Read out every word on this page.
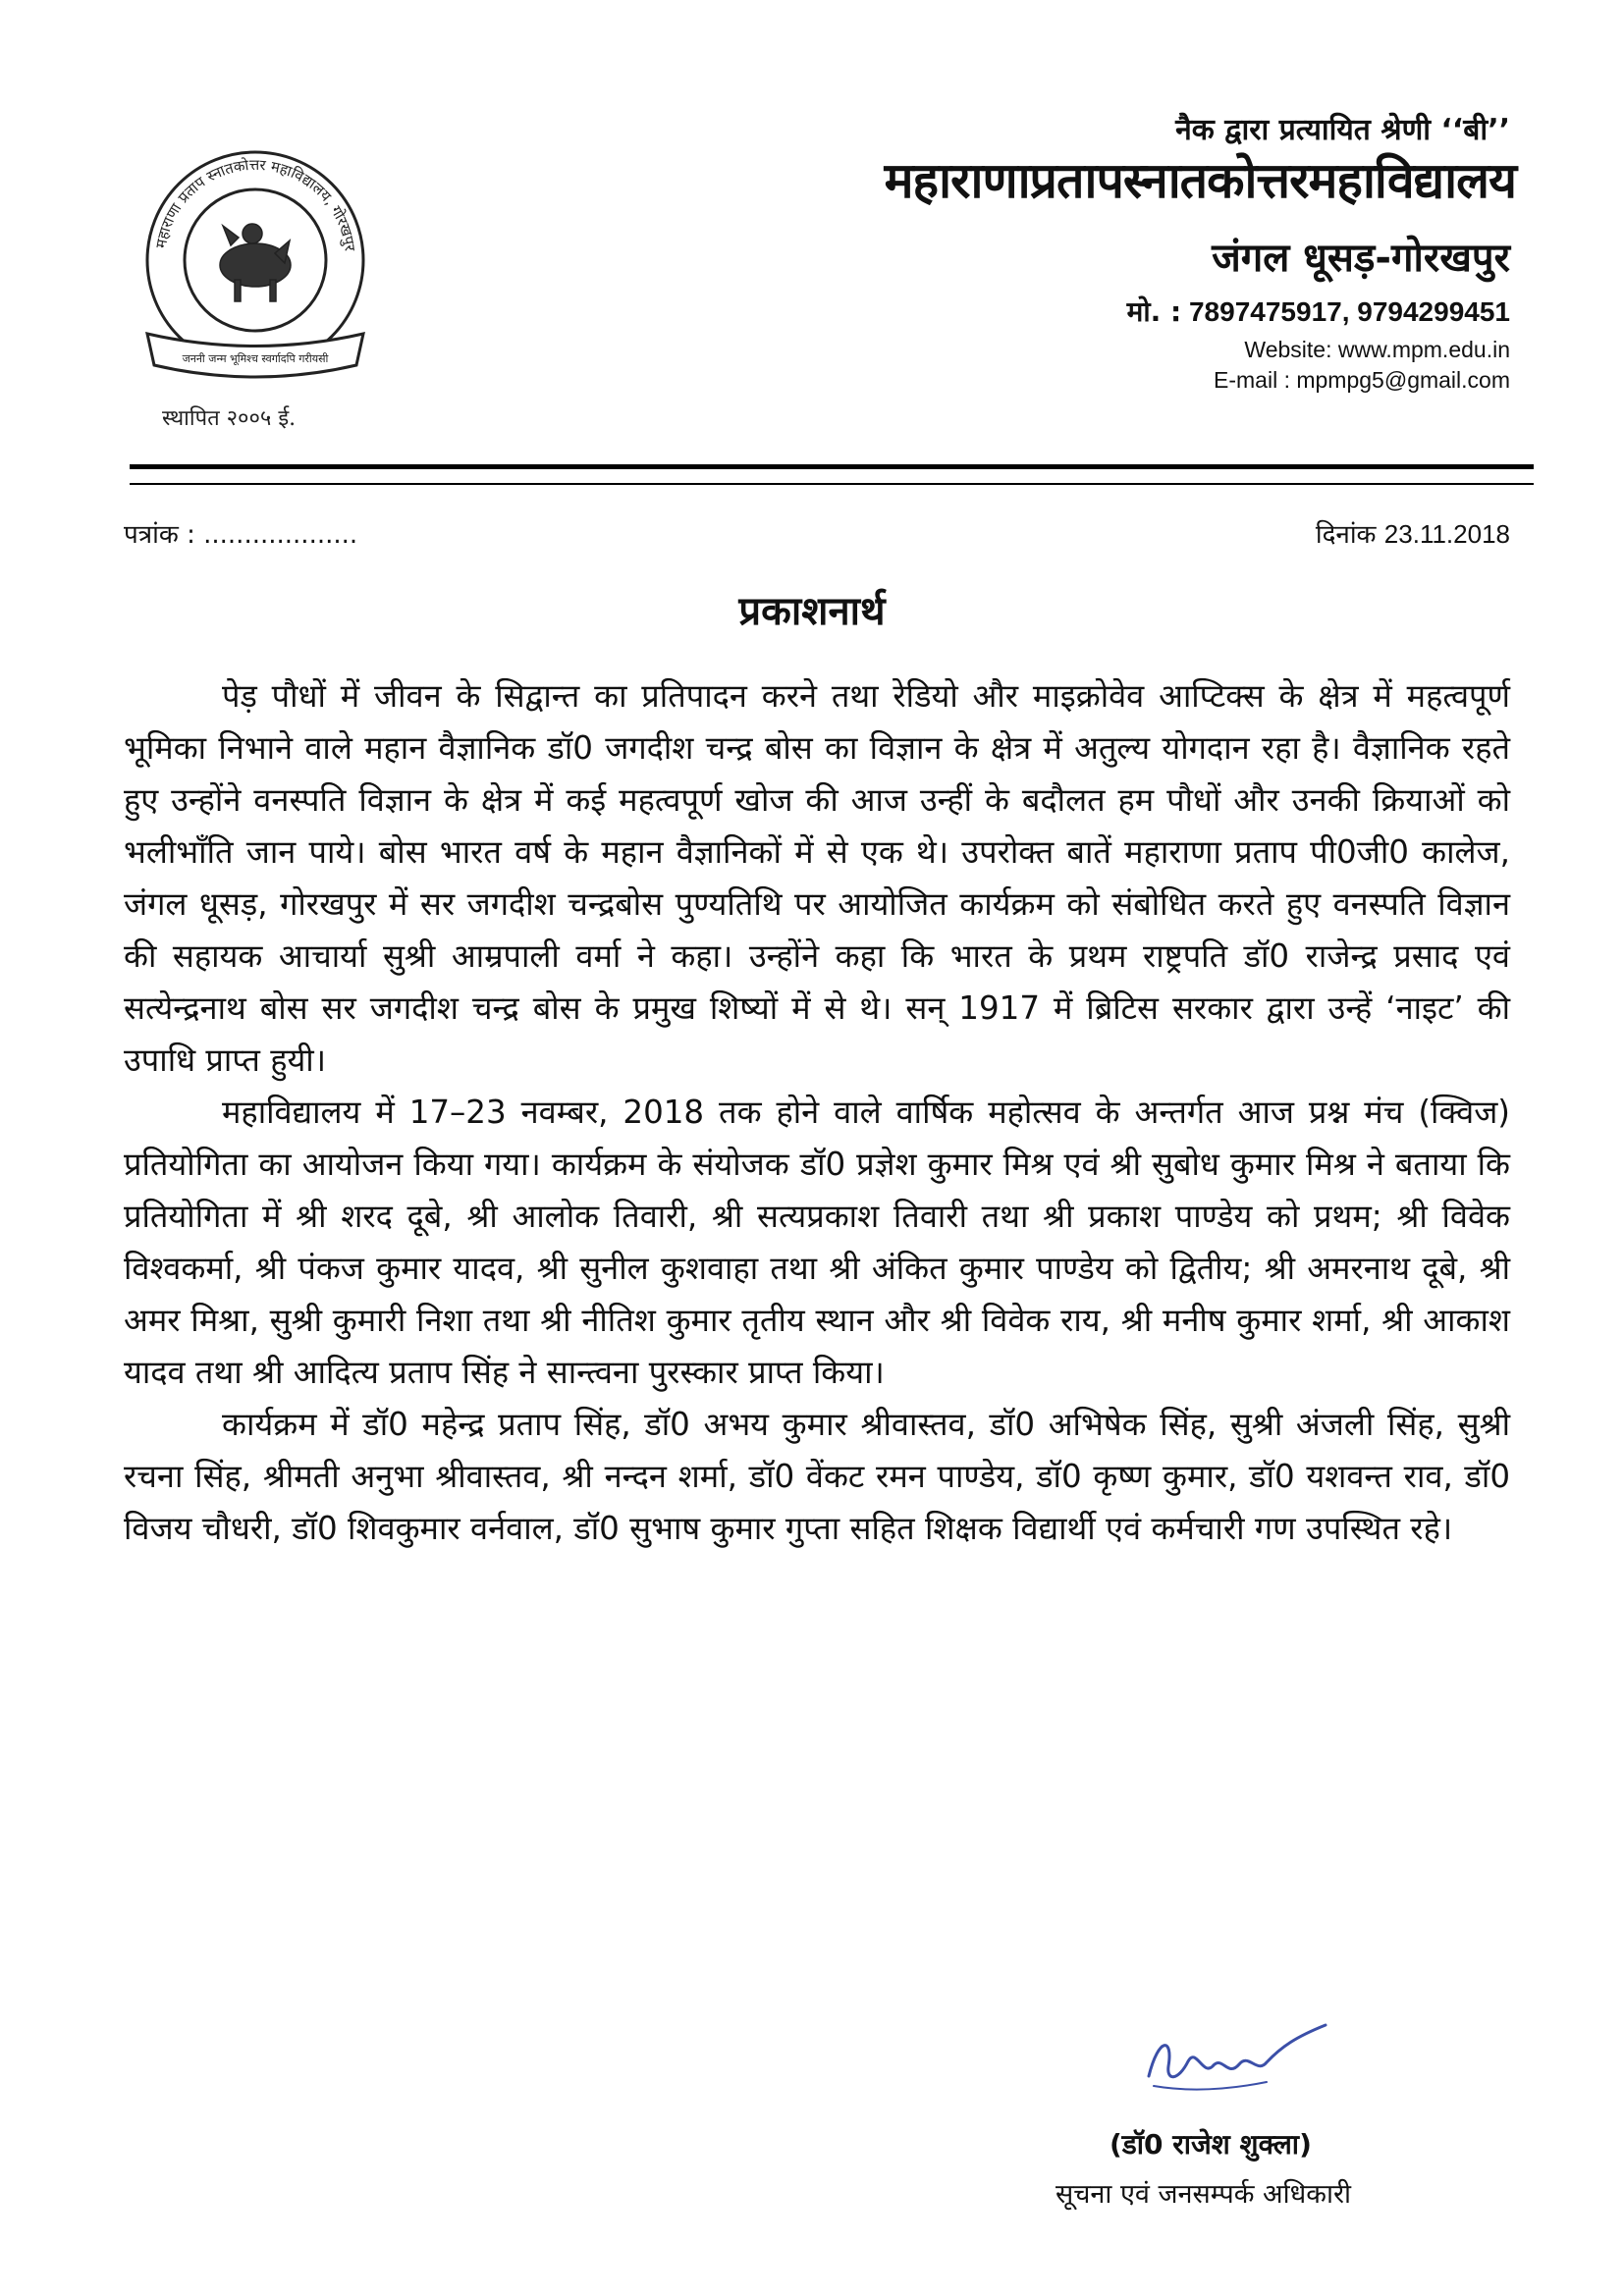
महाराणा प्रताप स्नातकोत्तर महाविद्यालय, गोरखपुर
जननी जन्म भूमिश्च स्वर्गादपि गरीयसी
स्थापित २००५ ई.
नैक द्वारा प्रत्यायित श्रेणी ‘‘बी’’
महाराणाप्रतापस्नातकोत्तरमहाविद्यालय
जंगल धूसड़-गोरखपुर
मो. : 7897475917, 9794299451
Website: www.mpm.edu.in
E-mail : mpmpg5@gmail.com
पत्रांक : ...................	दिनांक 23.11.2018
प्रकाशनार्थ

पेड़ पौधों में जीवन के सिद्वान्त का प्रतिपादन करने तथा रेडियो और माइक्रोवेव आप्टिक्स के क्षेत्र में महत्वपूर्ण भूमिका निभाने वाले महान वैज्ञानिक डॉ0 जगदीश चन्द्र बोस का विज्ञान के क्षेत्र में अतुल्य योगदान रहा है। वैज्ञानिक रहते हुए उन्होंने वनस्पति विज्ञान के क्षेत्र में कई महत्वपूर्ण खोज की आज उन्हीं के बदौलत हम पौधों और उनकी क्रियाओं को भलीभाँति जान पाये। बोस भारत वर्ष के महान वैज्ञानिकों में से एक थे। उपरोक्त बातें महाराणा प्रताप पी0जी0 कालेज, जंगल धूसड़, गोरखपुर में सर जगदीश चन्द्रबोस पुण्यतिथि पर आयोजित कार्यक्रम को संबोधित करते हुए वनस्पति विज्ञान की सहायक आचार्या सुश्री आम्रपाली वर्मा ने कहा। उन्होंने कहा कि भारत के प्रथम राष्ट्रपति डॉ0 राजेन्द्र प्रसाद एवं सत्येन्द्रनाथ बोस सर जगदीश चन्द्र बोस के प्रमुख शिष्यों में से थे। सन् 1917 में ब्रिटिस सरकार द्वारा उन्हें ‘नाइट’ की उपाधि प्राप्त हुयी।

महाविद्यालय में 17–23 नवम्बर, 2018 तक होने वाले वार्षिक महोत्सव के अन्तर्गत आज प्रश्न मंच (क्विज) प्रतियोगिता का आयोजन किया गया। कार्यक्रम के संयोजक डॉ0 प्रज्ञेश कुमार मिश्र एवं श्री सुबोध कुमार मिश्र ने बताया कि प्रतियोगिता में श्री शरद दूबे, श्री आलोक तिवारी, श्री सत्यप्रकाश तिवारी तथा श्री प्रकाश पाण्डेय को प्रथम; श्री विवेक विश्वकर्मा, श्री पंकज कुमार यादव, श्री सुनील कुशवाहा तथा श्री अंकित कुमार पाण्डेय को द्वितीय; श्री अमरनाथ दूबे, श्री अमर मिश्रा, सुश्री कुमारी निशा तथा श्री नीतिश कुमार तृतीय स्थान और श्री विवेक राय, श्री मनीष कुमार शर्मा, श्री आकाश यादव तथा श्री आदित्य प्रताप सिंह ने सान्त्वना पुरस्कार प्राप्त किया।

कार्यक्रम में डॉ0 महेन्द्र प्रताप सिंह, डॉ0 अभय कुमार श्रीवास्तव, डॉ0 अभिषेक सिंह, सुश्री अंजली सिंह, सुश्री रचना सिंह, श्रीमती अनुभा श्रीवास्तव, श्री नन्दन शर्मा, डॉ0 वेंकट रमन पाण्डेय, डॉ0 कृष्ण कुमार, डॉ0 यशवन्त राव, डॉ0 विजय चौधरी, डॉ0 शिवकुमार वर्नवाल, डॉ0 सुभाष कुमार गुप्ता सहित शिक्षक विद्यार्थी एवं कर्मचारी गण उपस्थित रहे।

(डॉ0 राजेश शुक्ला)
सूचना एवं जनसम्पर्क अधिकारी
